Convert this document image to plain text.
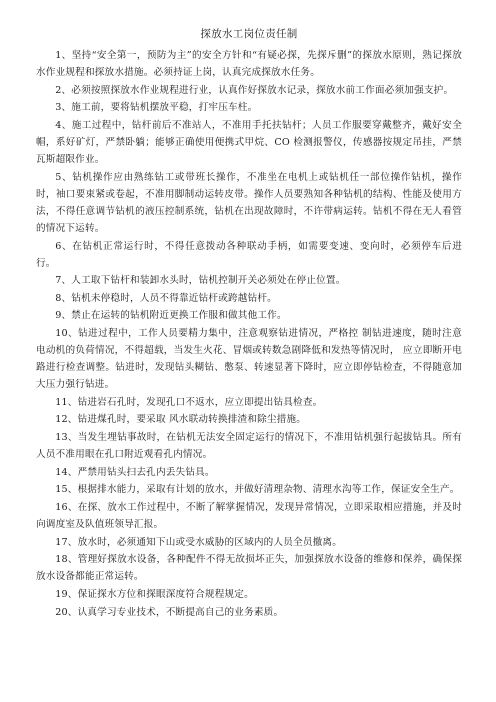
探放水工岗位责任制

1、坚持“安全第一，预防为主”的安全方针和“有疑必探，先探斥删”的探放水原则，熟记探放水作业规程和探放水措施。必须持证上岗，认真完成探放水任务。

2、必须按照探放水作业规程进行业，认真作好探放水记录，探放水前工作面必须加强支护。

3、施工前，要将钻机摆放平稳，打牢压车柱。

4、施工过程中，钻杆前后不准站人，不准用手托扶钻杆；人员工作服要穿戴整齐，戴好安全帽，系好矿灯，严禁卧躺；能够正确使用便携式甲烷、CO 检测报警仪，传感器按规定吊挂，严禁瓦斯超限作业。

5、钻机操作应由熟练钻工或带班长操作，不准坐在电机上或钻机任一部位操作钻机，操作时，袖口要束紧或卷起，不准用脚制动运转皮带。操作人员要熟知各种钻机的结构、性能及使用方法，不得任意调节钻机的液压控制系统，钻机在出现故障时，不许带病运转。钻机不得在无人看管的情况下运转。

6、在钻机正常运行时，不得任意拨动各种联动手柄，如需要变速、变向时，必须停车后进行。

7、人工取下钻杆和装卸水头时，钻机控制开关必须处在停止位置。

8、钻机未停稳时，人员不得靠近钻杆或跨越钻杆。

9、禁止在运转的钻机附近更换工作服和做其他工作。

10、钻进过程中，工作人员要精力集中，注意观察钻进情况，严格控 制钻进速度，随时注意电动机的负荷情况，不得超载，当发生火花、冒烟或转数急剧降低和发热等情况时， 应立即断开电路进行检查调整。钻进时，发现钻头糊钻、憋泵、转速显著下降时，应立即停钻检查，不得随意加大压力强行钻进。

11、钻进岩石孔时，发现孔口不返水，应立即提出钻具检查。

12、钻进煤孔时，要采取 风水联动转换排渣和除尘措施。

13、当发生埋钻事故时，在钻机无法安全固定运行的情况下，不准用钻机强行起拔钻具。所有人员不准用眼在孔口附近观看孔内情况。

14、严禁用钻头扫去孔内丢失钻具。

15、根据排水能力，采取有计划的放水，并做好清理杂物、清理水沟等工作，保证安全生产。

16、在探、放水工作过程中，不断了解掌握情况，发现异常情况，立即采取相应措施，并及时向调度室及队值班领导汇报。

17、放水时，必须通知下山或受水威胁的区域内的人员全员撤离。

18、管理好探放水设备，各种配件不得无故损坏正失，加强探放水设备的维修和保养，确保探放水设备都能正常运转。

19、保证探水方位和探眼深度符合规程规定。

20、认真学习专业技术，不断提高自己的业务素质。
